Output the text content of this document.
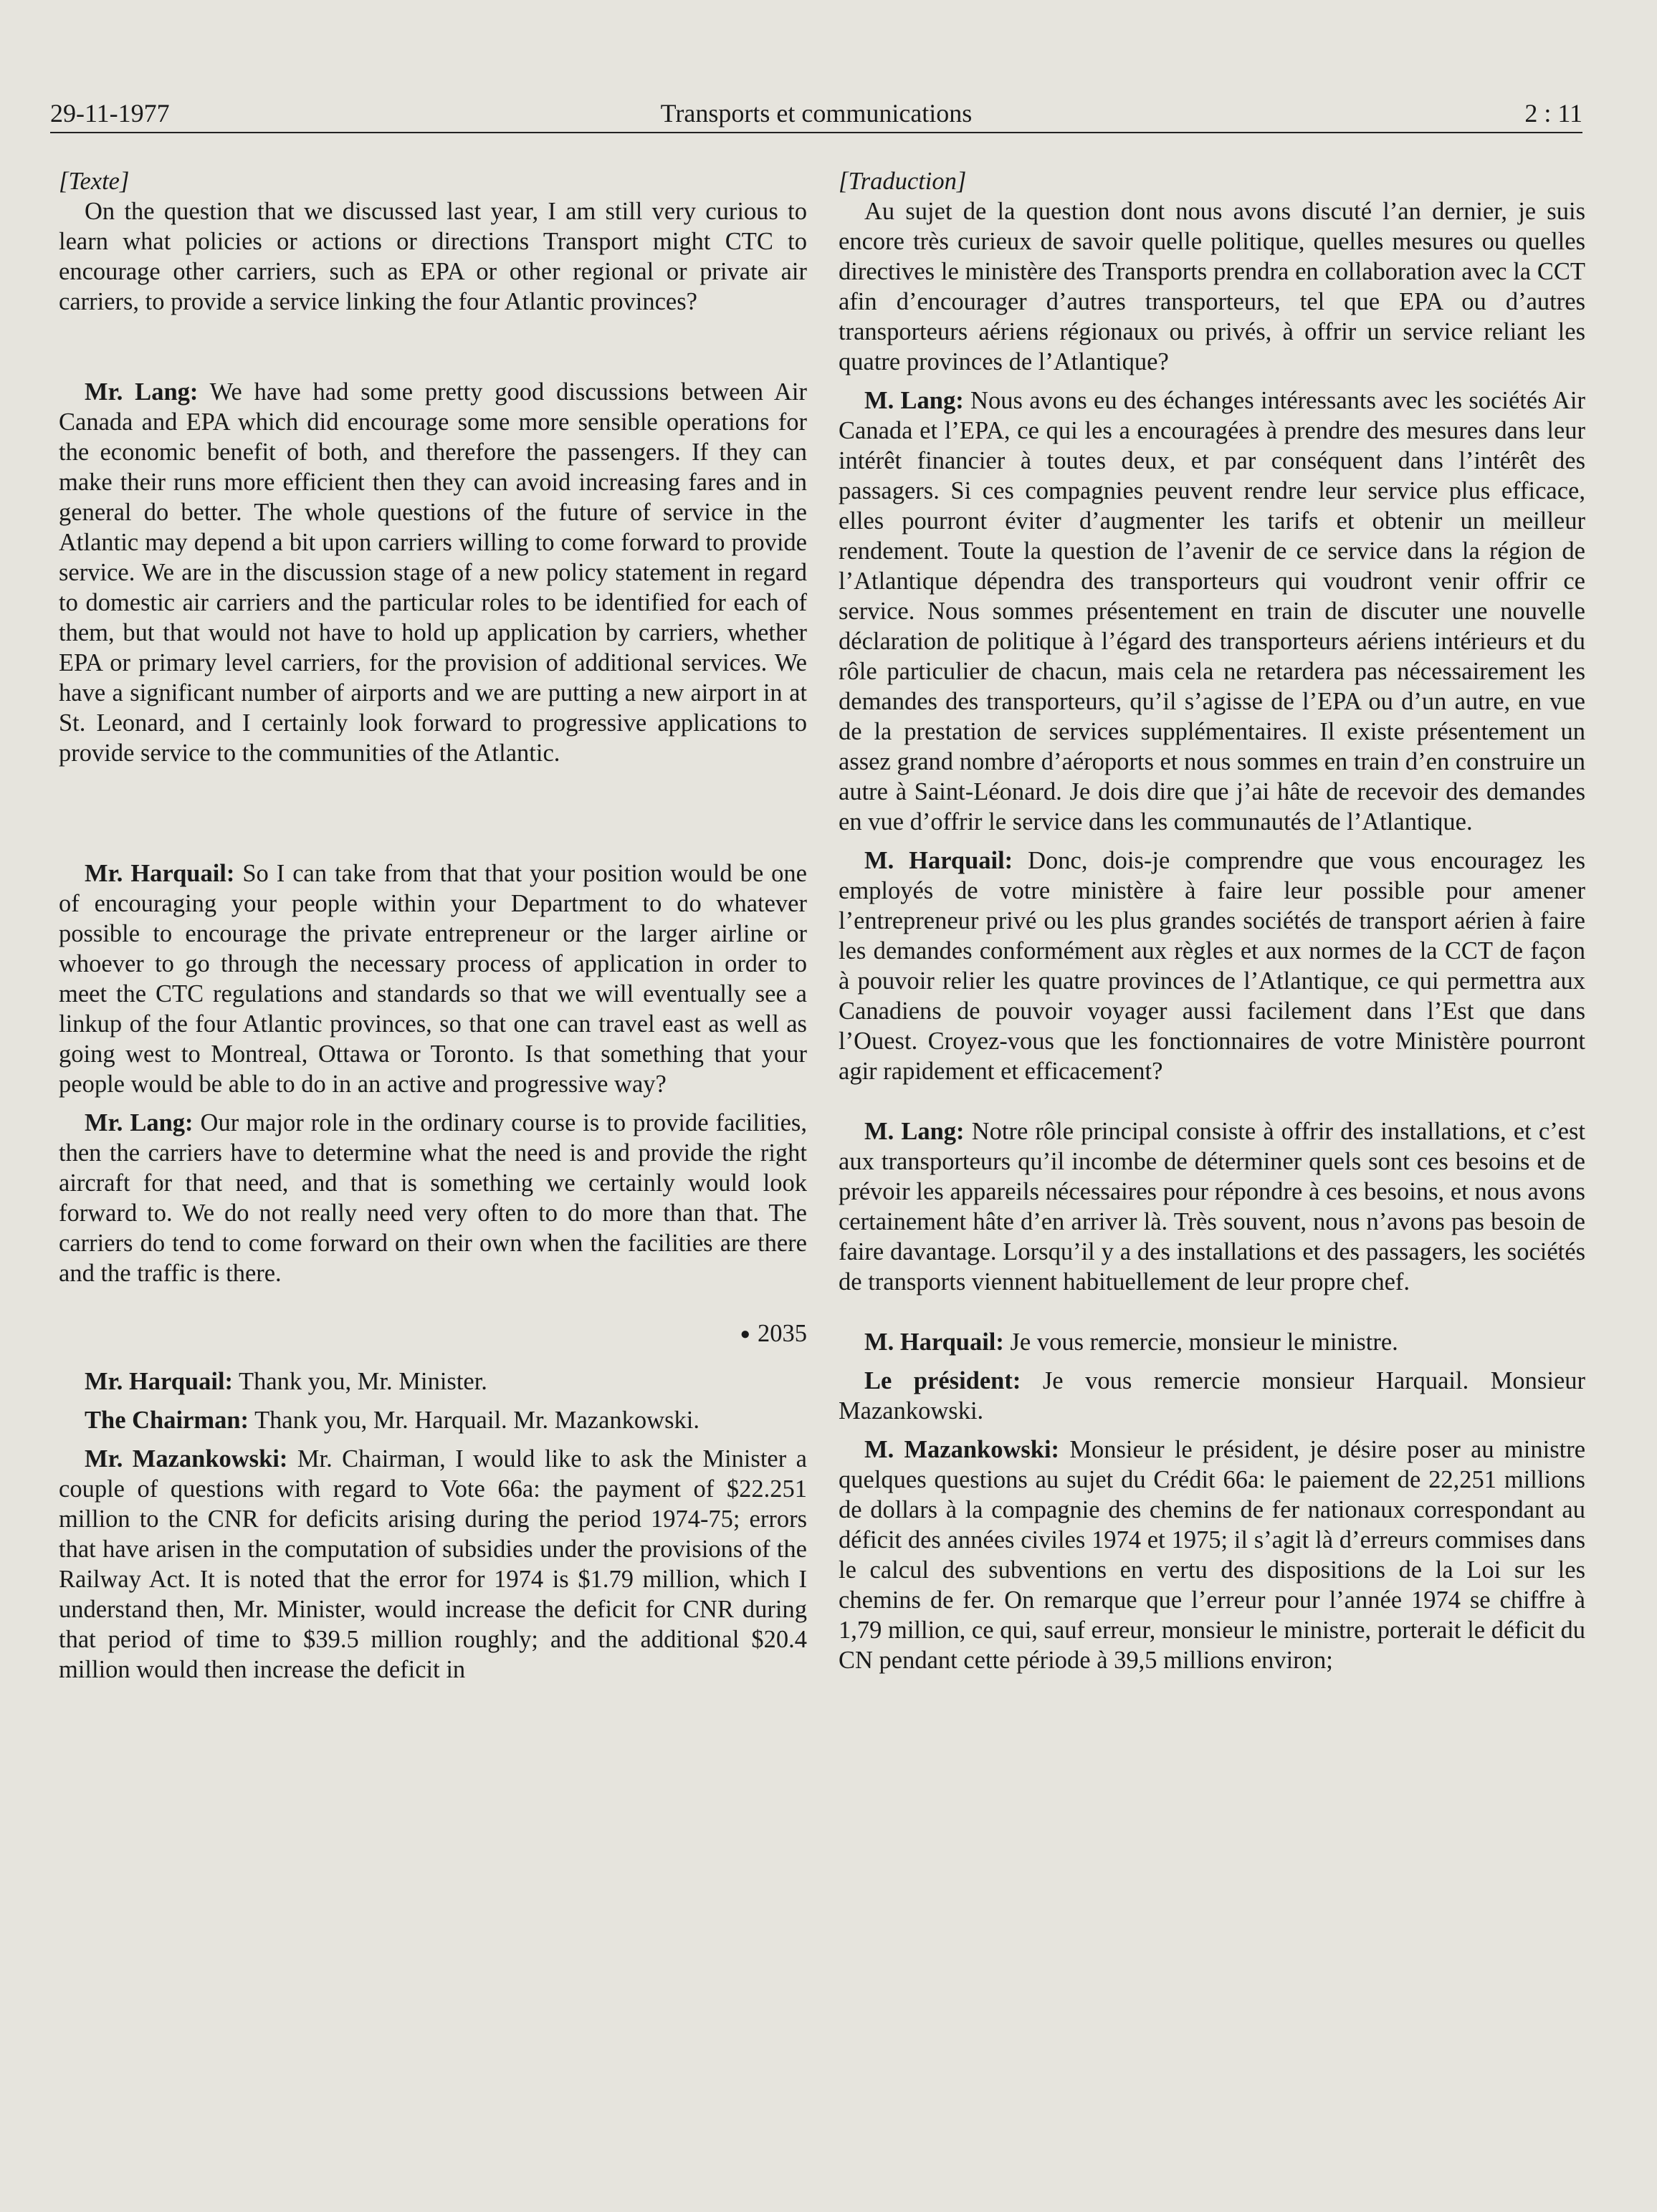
29-11-1977	Transports et communications	2 : 11

[Texte]

On the question that we discussed last year, I am still very curious to learn what policies or actions or directions Transport might CTC to encourage other carriers, such as EPA or other regional or private air carriers, to provide a service linking the four Atlantic provinces?

Mr. Lang: We have had some pretty good discussions between Air Canada and EPA which did encourage some more sensible operations for the economic benefit of both, and therefore the passengers. If they can make their runs more efficient then they can avoid increasing fares and in general do better. The whole questions of the future of service in the Atlantic may depend a bit upon carriers willing to come forward to provide service. We are in the discussion stage of a new policy statement in regard to domestic air carriers and the particular roles to be identified for each of them, but that would not have to hold up application by carriers, whether EPA or primary level carriers, for the provision of additional services. We have a significant number of airports and we are putting a new airport in at St. Leonard, and I certainly look forward to progressive applications to provide service to the communities of the Atlantic.

Mr. Harquail: So I can take from that that your position would be one of encouraging your people within your Department to do whatever possible to encourage the private entrepreneur or the larger airline or whoever to go through the necessary process of application in order to meet the CTC regulations and standards so that we will eventually see a linkup of the four Atlantic provinces, so that one can travel east as well as going west to Montreal, Ottawa or Toronto. Is that something that your people would be able to do in an active and progressive way?

Mr. Lang: Our major role in the ordinary course is to provide facilities, then the carriers have to determine what the need is and provide the right aircraft for that need, and that is something we certainly would look forward to. We do not really need very often to do more than that. The carriers do tend to come forward on their own when the facilities are there and the traffic is there.

● 2035

Mr. Harquail: Thank you, Mr. Minister.

The Chairman: Thank you, Mr. Harquail. Mr. Mazankowski.

Mr. Mazankowski: Mr. Chairman, I would like to ask the Minister a couple of questions with regard to Vote 66a: the payment of $22.251 million to the CNR for deficits arising during the period 1974-75; errors that have arisen in the computation of subsidies under the provisions of the Railway Act. It is noted that the error for 1974 is $1.79 million, which I understand then, Mr. Minister, would increase the deficit for CNR during that period of time to $39.5 million roughly; and the additional $20.4 million would then increase the deficit in

[Traduction]

Au sujet de la question dont nous avons discuté l’an dernier, je suis encore très curieux de savoir quelle politique, quelles mesures ou quelles directives le ministère des Transports prendra en collaboration avec la CCT afin d’encourager d’autres transporteurs, tel que EPA ou d’autres transporteurs aériens régionaux ou privés, à offrir un service reliant les quatre provinces de l’Atlantique?

M. Lang: Nous avons eu des échanges intéressants avec les sociétés Air Canada et l’EPA, ce qui les a encouragées à prendre des mesures dans leur intérêt financier à toutes deux, et par conséquent dans l’intérêt des passagers. Si ces compagnies peuvent rendre leur service plus efficace, elles pourront éviter d’augmenter les tarifs et obtenir un meilleur rendement. Toute la question de l’avenir de ce service dans la région de l’Atlantique dépendra des transporteurs qui voudront venir offrir ce service. Nous sommes présentement en train de discuter une nouvelle déclaration de politique à l’égard des transporteurs aériens intérieurs et du rôle particulier de chacun, mais cela ne retardera pas nécessairement les demandes des transporteurs, qu’il s’agisse de l’EPA ou d’un autre, en vue de la prestation de services supplémentaires. Il existe présentement un assez grand nombre d’aéroports et nous sommes en train d’en construire un autre à Saint-Léonard. Je dois dire que j’ai hâte de recevoir des demandes en vue d’offrir le service dans les communautés de l’Atlantique.

M. Harquail: Donc, dois-je comprendre que vous encouragez les employés de votre ministère à faire leur possible pour amener l’entrepreneur privé ou les plus grandes sociétés de transport aérien à faire les demandes conformément aux règles et aux normes de la CCT de façon à pouvoir relier les quatre provinces de l’Atlantique, ce qui permettra aux Canadiens de pouvoir voyager aussi facilement dans l’Est que dans l’Ouest. Croyez-vous que les fonctionnaires de votre Ministère pourront agir rapidement et efficacement?

M. Lang: Notre rôle principal consiste à offrir des installations, et c’est aux transporteurs qu’il incombe de déterminer quels sont ces besoins et de prévoir les appareils nécessaires pour répondre à ces besoins, et nous avons certainement hâte d’en arriver là. Très souvent, nous n’avons pas besoin de faire davantage. Lorsqu’il y a des installations et des passagers, les sociétés de transports viennent habituellement de leur propre chef.

M. Harquail: Je vous remercie, monsieur le ministre.

Le président: Je vous remercie monsieur Harquail. Monsieur Mazankowski.

M. Mazankowski: Monsieur le président, je désire poser au ministre quelques questions au sujet du Crédit 66a: le paiement de 22,251 millions de dollars à la compagnie des chemins de fer nationaux correspondant au déficit des années civiles 1974 et 1975; il s’agit là d’erreurs commises dans le calcul des subventions en vertu des dispositions de la Loi sur les chemins de fer. On remarque que l’erreur pour l’année 1974 se chiffre à 1,79 million, ce qui, sauf erreur, monsieur le ministre, porterait le déficit du CN pendant cette période à 39,5 millions environ;
